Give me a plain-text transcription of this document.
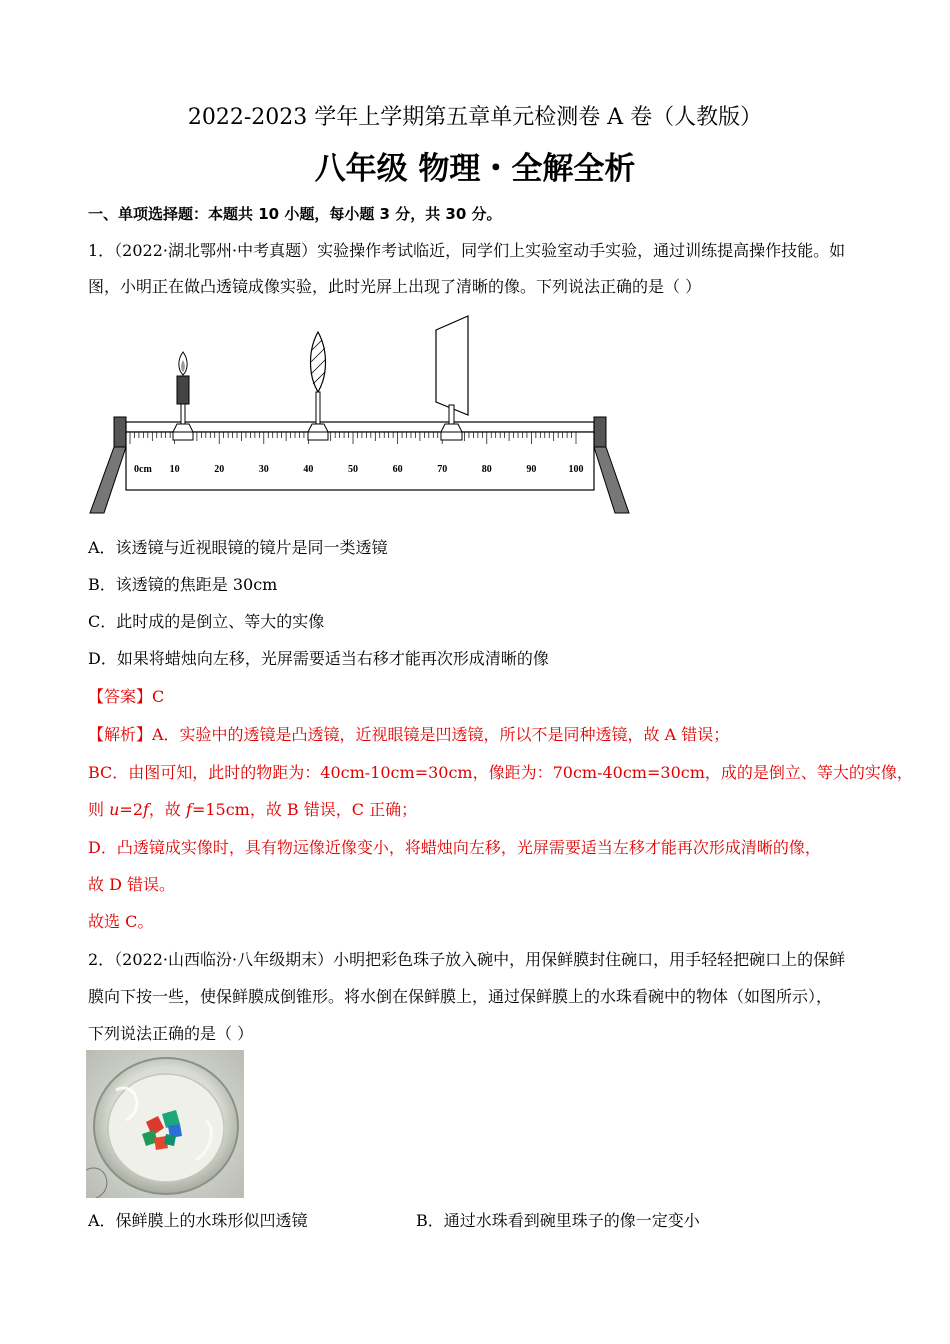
2022-2023 学年上学期第五章单元检测卷 A 卷（人教版）
八年级 物理・全解全析
一、单项选择题：本题共 10 小题，每小题 3 分，共 30 分。
1．（2022·湖北鄂州·中考真题）实验操作考试临近，同学们上实验室动手实验，通过训练提高操作技能。如
图，小明正在做凸透镜成像实验，此时光屏上出现了清晰的像。下列说法正确的是（ ）
0cm 10	20	30	40	50	60	70	80	90	100
A．该透镜与近视眼镜的镜片是同一类透镜
B．该透镜的焦距是 30cm
C．此时成的是倒立、等大的实像
D．如果将蜡烛向左移，光屏需要适当右移才能再次形成清晰的像
【答案】C
【解析】A．实验中的透镜是凸透镜，近视眼镜是凹透镜，所以不是同种透镜，故 A 错误；
BC．由图可知，此时的物距为：40cm-10cm=30cm，像距为：70cm-40cm=30cm，成的是倒立、等大的实像，
则 u=2f，故 f=15cm，故 B 错误，C 正确；
D．凸透镜成实像时，具有物远像近像变小，将蜡烛向左移，光屏需要适当左移才能再次形成清晰的像，
故 D 错误。
故选 C。
2．（2022·山西临汾·八年级期末）小明把彩色珠子放入碗中，用保鲜膜封住碗口，用手轻轻把碗口上的保鲜
膜向下按一些，使保鲜膜成倒锥形。将水倒在保鲜膜上，通过保鲜膜上的水珠看碗中的物体（如图所示），
下列说法正确的是（ ）
A．保鲜膜上的水珠形似凹透镜	B．通过水珠看到碗里珠子的像一定变小
